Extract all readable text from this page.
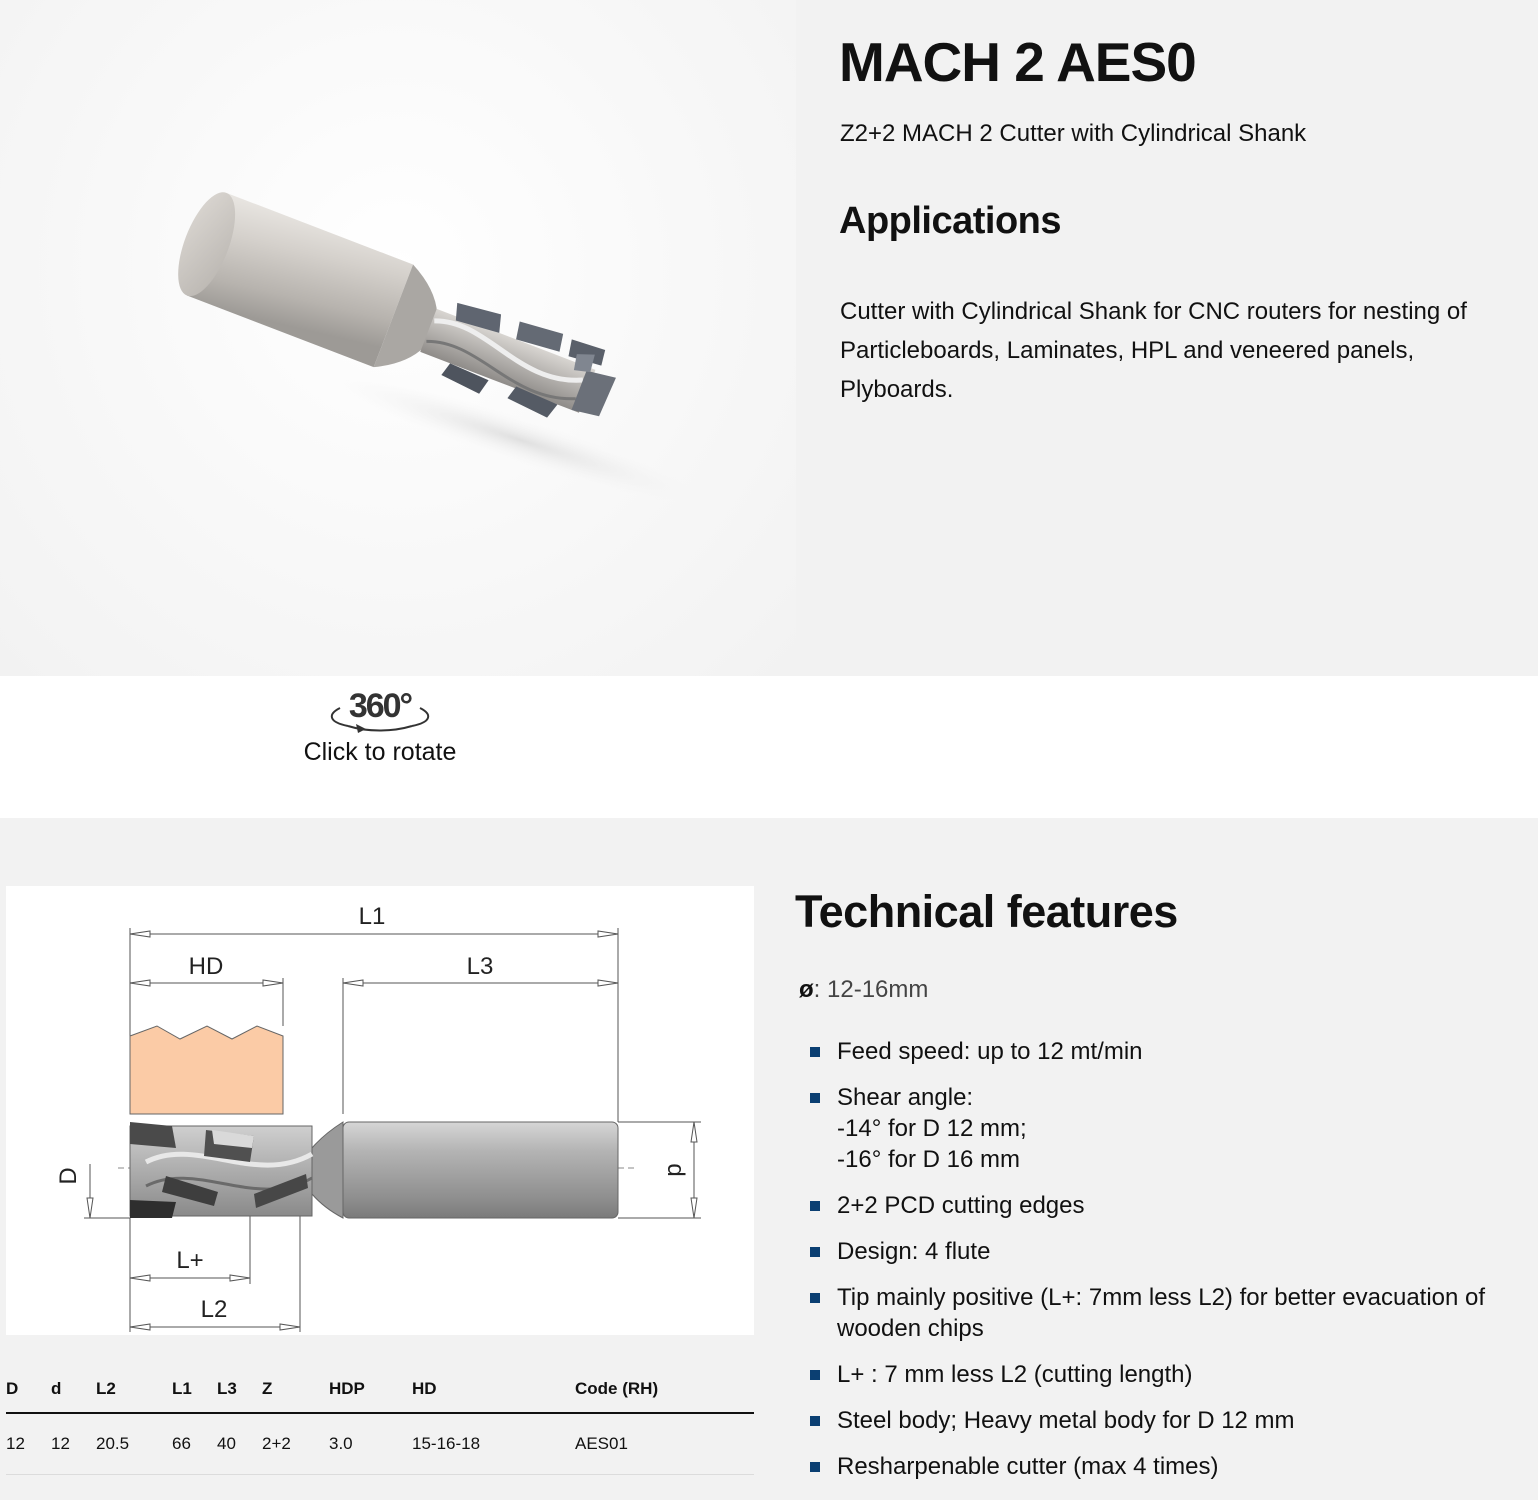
360°
Click to rotate
MACH 2 AES0

Z2+2 MACH 2 Cutter with Cylindrical Shank

Applications

Cutter with Cylindrical Shank for CNC routers for nesting of Particleboards, Laminates, HPL and veneered panels, Plyboards.

L1
HD	L3
L+
L2
D	d
D	d	L2	L1	L3	Z	HDP	HD	Code (RH)
12	12	20.5	66	40	2+2	3.0	15-16-18	AES01
Technical features

ø: 12-16mm

Feed speed: up to 12 mt/min
Shear angle:
-14° for D 12 mm;
-16° for D 16 mm
2+2 PCD cutting edges
Design: 4 flute
Tip mainly positive (L+: 7mm less L2) for better evacuation of wooden chips
L+ : 7 mm less L2 (cutting length)
Steel body; Heavy metal body for D 12 mm
Resharpenable cutter (max 4 times)
